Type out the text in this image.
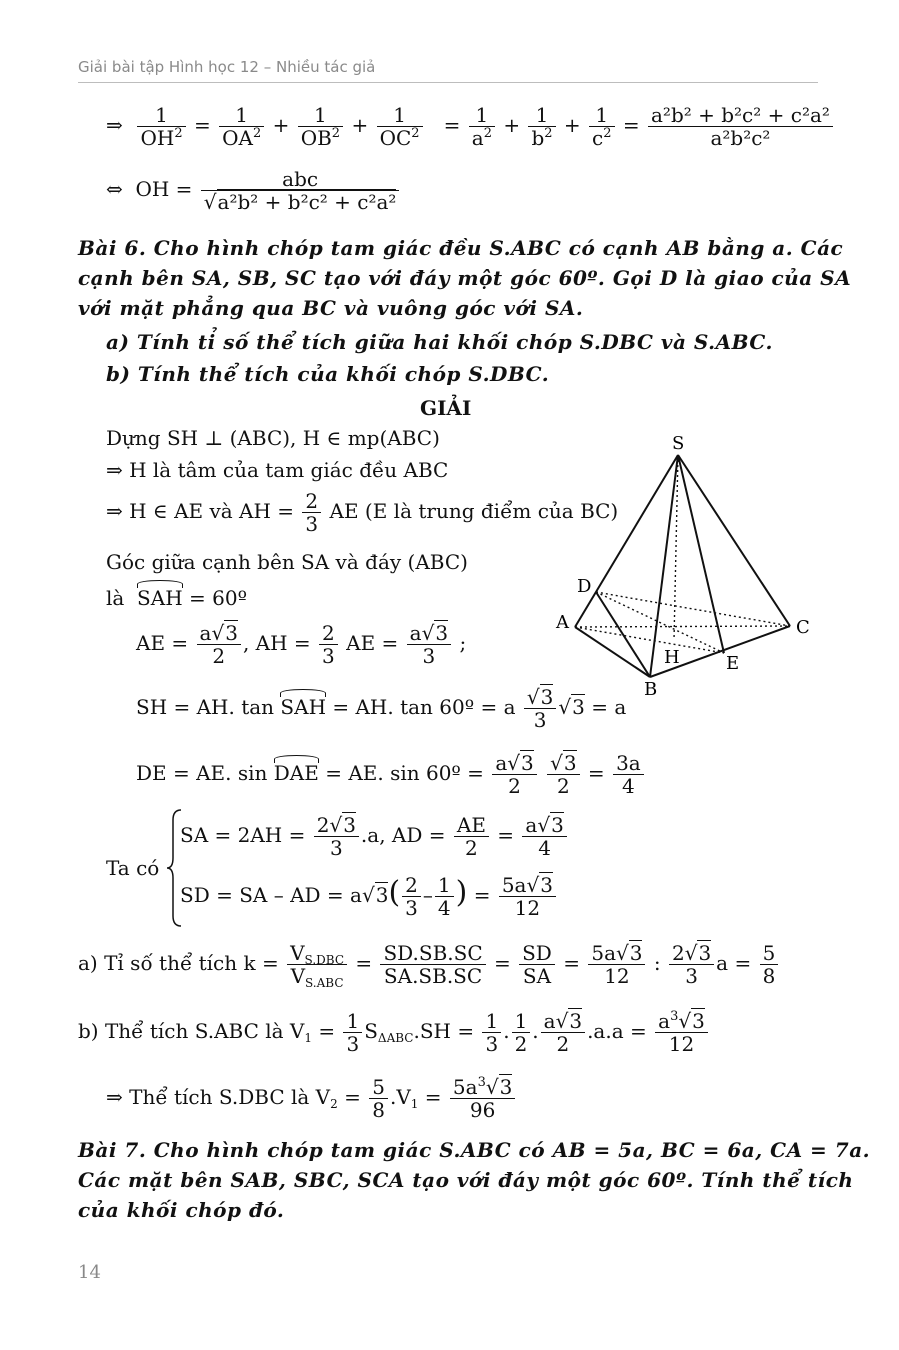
Giải bài tập Hình học 12 – Nhiều tác giả
⇒ $\frac{1}{OH^2} = \frac{1}{OA^2} + \frac{1}{OB^2} + \frac{1}{OC^2} = \frac{1}{a^2} + \frac{1}{b^2} + \frac{1}{c^2} = \frac{\text{a²b² + b²c² + c²a²}}{\text{a²b²c²}}$
⇔ OH =	abc
√a²b² + b²c² + c²a²
Bài 6. Cho hình chóp tam giác đều S.ABC có cạnh AB bằng a. Các
cạnh bên SA, SB, SC tạo với đáy một góc 60º. Gọi D là giao của SA
với mặt phẳng qua BC và vuông góc với SA.
a) Tính tỉ số thể tích giữa hai khối chóp S.DBC và S.ABC.
b) Tính thể tích của khối chóp S.DBC.
GIẢI
Dựng SH ⊥ (ABC), H ∈ mp(ABC)
⇒ H là tâm của tam giác đều ABC
⇒ H ∈ AE và AH = $\frac{2}{3}$ AE (E là trung điểm của BC)
Góc giữa cạnh bên SA và đáy (ABC)
là SAH = 60º
AE = $\frac{a√3}{2}$ , AH = $\frac{2}{3}$ AE = $\frac{a√3}{3}$ ;
SH = AH. tan SAH = AH. tan 60º = a $\frac{√3}{3} √3 = a$
DE = AE. sin DAE = AE. sin 60º = $\frac{a√3}{2}$
$\frac{√3}{2} = \frac{3a}{4}$
Ta có
SA = $2AH = \frac{2√3}{3} .a$, AD = $\frac{AE}{2} = \frac{a√3}{4}$
SD = SA – AD = $a√3( \frac{2}{3} - \frac{1}{4}$ ) = $\frac{5a√3}{12}$
a) Tỉ số thể tích $k = V_{S.DBC}$
$V_{S.ABC}$
= $\frac{SD.SB.SC}{SA.SB.SC} = \frac{SD}{SA} = \frac{5a√3}{12}$ : $\frac{2√3}{3}$ $a = \frac{5}{8}$
b) Thể tích S.ABC là $V_1 = \frac{1}{3} S_{\Delta ABC}.SH = \frac{1}{3}$ . $\frac{1}{2}$ . $\frac{a√3}{2} .a.a = \frac{a^3√3}{12}$
⇒ Thể tích S.DBC là $V_2 = \frac{5}{8} .V_1 = \frac{5a^3√3}{96}$
Bài 7. Cho hình chóp tam giác S.ABC có AB = 5a, BC = 6a, CA = 7a.
Các mặt bên SAB, SBC, SCA tạo với đáy một góc 60º. Tính thể tích
của khối chóp đó.
14
S
D
A	C
H	E
B
